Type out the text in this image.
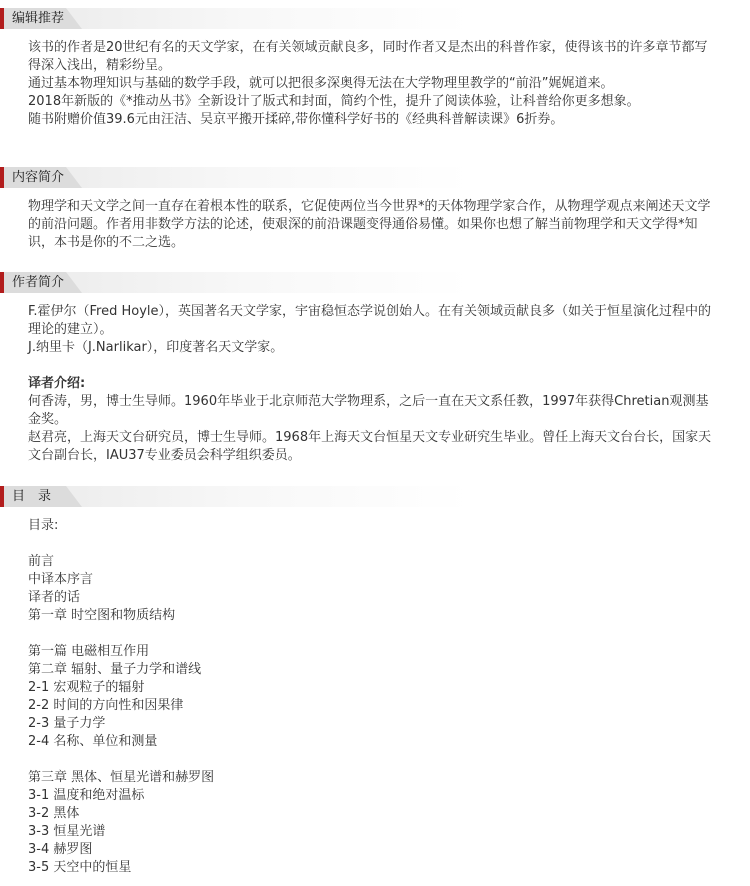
编辑推荐

该书的作者是20世纪有名的天文学家，在有关领域贡献良多，同时作者又是杰出的科普作家，使得该书的许多章节都写得深入浅出，精彩纷呈。

通过基本物理知识与基础的数学手段，就可以把很多深奥得无法在大学物理里教学的“前沿”娓娓道来。

2018年新版的《*推动丛书》全新设计了版式和封面，简约个性，提升了阅读体验，让科普给你更多想象。

随书附赠价值39.6元由汪洁、吴京平搬开揉碎,带你懂科学好书的《经典科普解读课》6折券。

内容简介

物理学和天文学之间一直存在着根本性的联系，它促使两位当今世界*的天体物理学家合作，从物理学观点来阐述天文学的前沿问题。作者用非数学方法的论述，使艰深的前沿课题变得通俗易懂。如果你也想了解当前物理学和天文学得*知识，本书是你的不二之选。

作者简介

F.霍伊尔（Fred Hoyle），英国著名天文学家，宇宙稳恒态学说创始人。在有关领域贡献良多（如关于恒星演化过程中的理论的建立）。

J.纳里卡（J.Narlikar），印度著名天文学家。

译者介绍:

何香涛，男，博士生导师。1960年毕业于北京师范大学物理系，之后一直在天文系任教，1997年获得Chretian观测基金奖。

赵君亮，上海天文台研究员，博士生导师。1968年上海天文台恒星天文专业研究生毕业。曾任上海天文台台长，国家天文台副台长，IAU37专业委员会科学组织委员。

目　录

目录:

前言

中译本序言

译者的话

第一章 时空图和物质结构

第一篇 电磁相互作用

第二章 辐射、量子力学和谱线

2-1 宏观粒子的辐射

2-2 时间的方向性和因果律

2-3 量子力学

2-4 名称、单位和测量

第三章 黑体、恒星光谱和赫罗图

3-1 温度和绝对温标

3-2 黑体

3-3 恒星光谱

3-4 赫罗图

3-5 天空中的恒星
